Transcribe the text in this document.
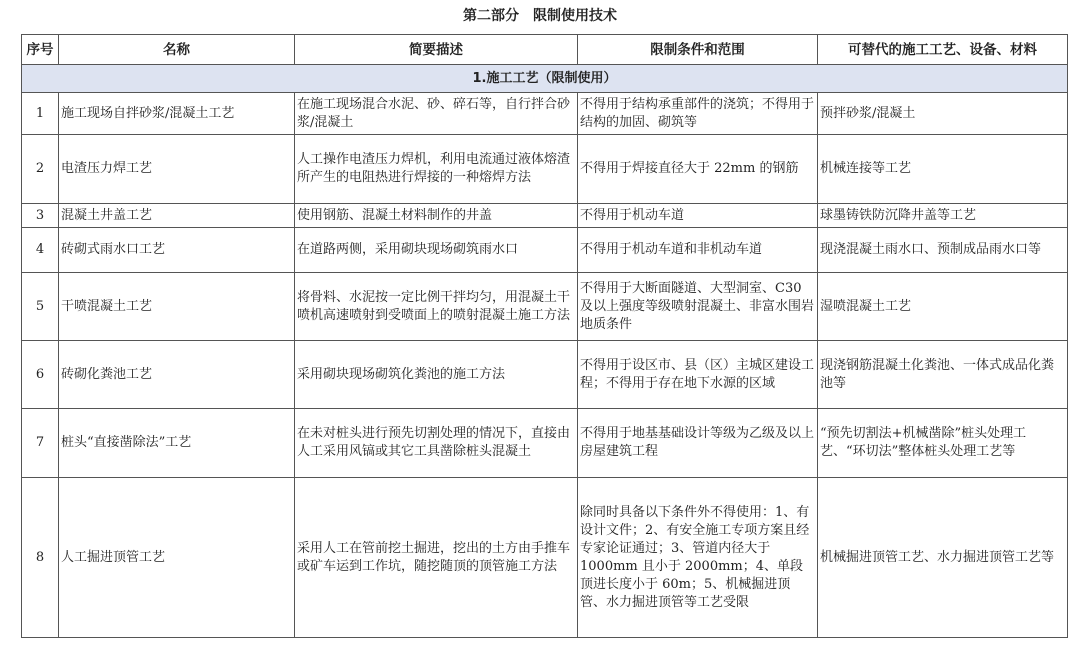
第二部分　限制使用技术
序号	名称	简要描述	限制条件和范围	可替代的施工工艺、设备、材料
1.施工工艺（限制使用）				
1	施工现场自拌砂浆/混凝土工艺	在施工现场混合水泥、砂、碎石等，自行拌合砂浆/混凝土	不得用于结构承重部件的浇筑；不得用于结构的加固、砌筑等	预拌砂浆/混凝土
2	电渣压力焊工艺	人工操作电渣压力焊机，利用电流通过液体熔渣所产生的电阻热进行焊接的一种熔焊方法	不得用于焊接直径大于 22mm 的钢筋	机械连接等工艺
3	混凝土井盖工艺	使用钢筋、混凝土材料制作的井盖	不得用于机动车道	球墨铸铁防沉降井盖等工艺
4	砖砌式雨水口工艺	在道路两侧，采用砌块现场砌筑雨水口	不得用于机动车道和非机动车道	现浇混凝土雨水口、预制成品雨水口等
5	干喷混凝土工艺	将骨料、水泥按一定比例干拌均匀，用混凝土干喷机高速喷射到受喷面上的喷射混凝土施工方法	不得用于大断面隧道、大型洞室、C30 及以上强度等级喷射混凝土、非富水围岩地质条件	湿喷混凝土工艺
6	砖砌化粪池工艺	采用砌块现场砌筑化粪池的施工方法	不得用于设区市、县（区）主城区建设工程；不得用于存在地下水源的区域	现浇钢筋混凝土化粪池、一体式成品化粪池等
7	桩头“直接凿除法”工艺	在未对桩头进行预先切割处理的情况下，直接由人工采用风镐或其它工具凿除桩头混凝土	不得用于地基基础设计等级为乙级及以上房屋建筑工程	“预先切割法+机械凿除”桩头处理工艺、“环切法”整体桩头处理工艺等
8	人工掘进顶管工艺	采用人工在管前挖土掘进，挖出的土方由手推车或矿车运到工作坑，随挖随顶的顶管施工方法	除同时具备以下条件外不得使用：1、有设计文件；2、有安全施工专项方案且经专家论证通过；3、管道内径大于 1000mm 且小于 2000mm；4、单段顶进长度小于 60m；5、机械掘进顶管、水力掘进顶管等工艺受限	机械掘进顶管工艺、水力掘进顶管工艺等
